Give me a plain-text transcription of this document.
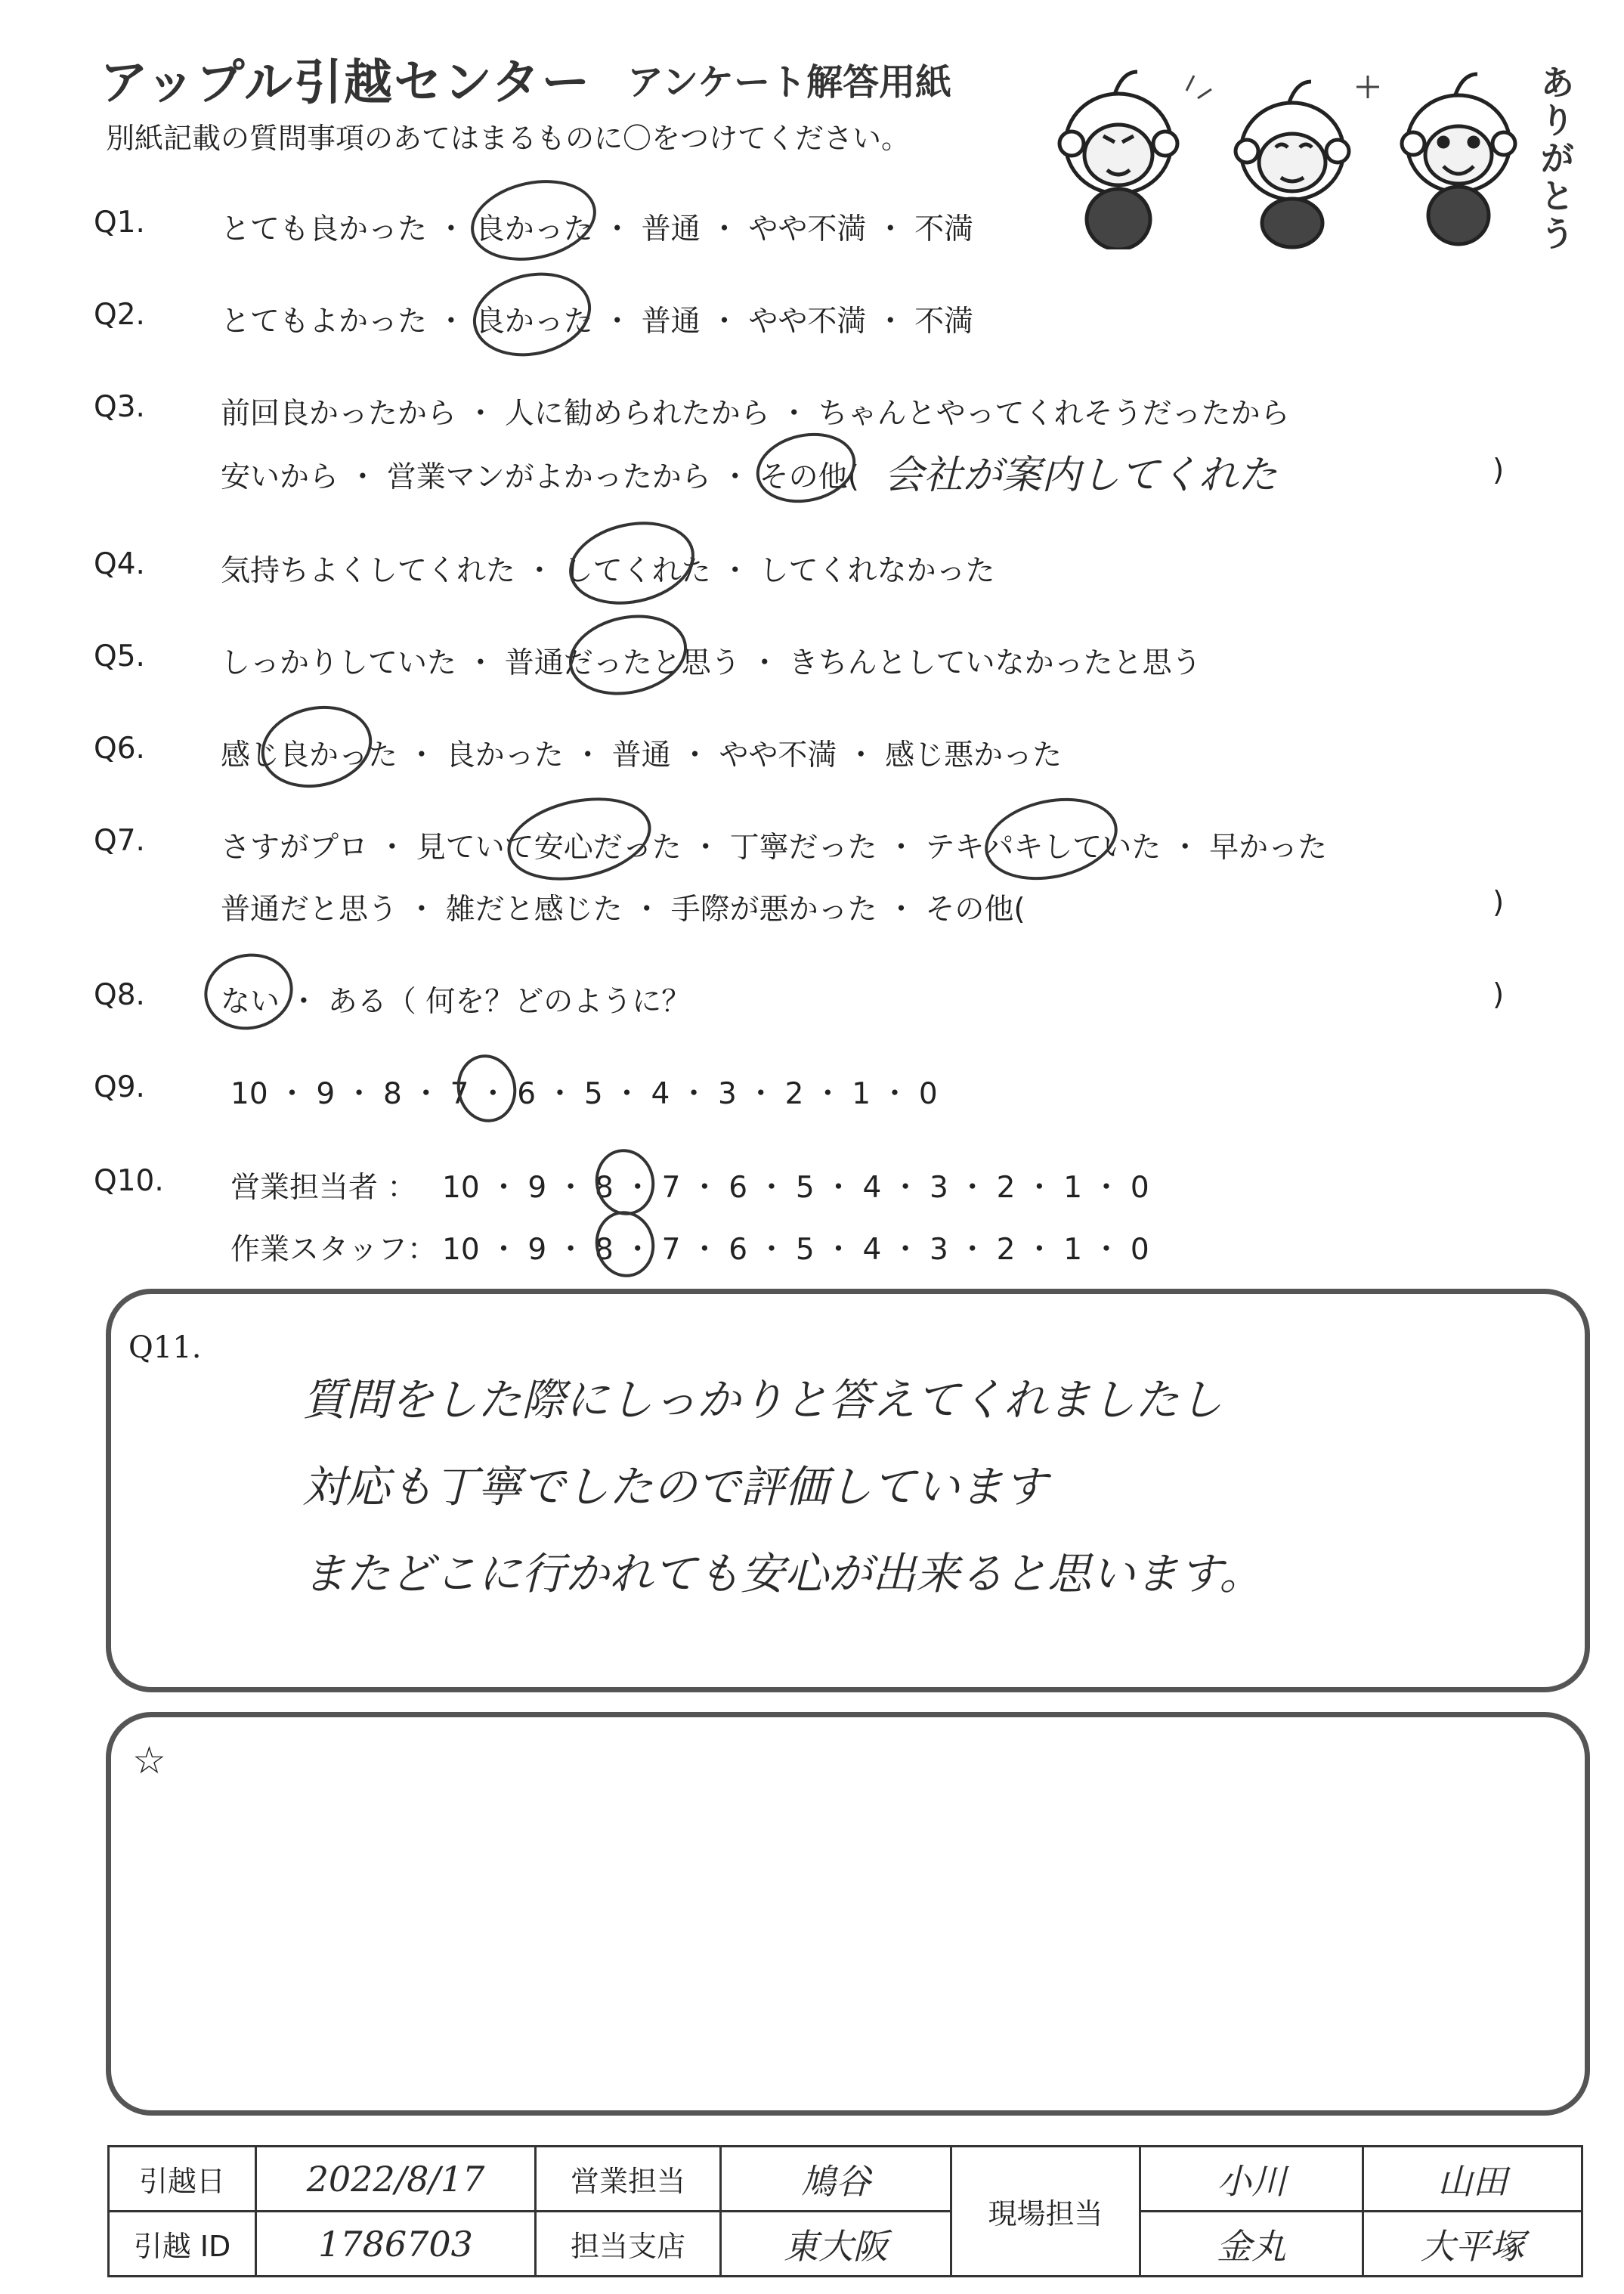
アップル引越センター アンケート解答用紙
別紙記載の質問事項のあてはまるものに〇をつけてください。	ありがとう
Q1.	とても良かった ・ 良かった ・ 普通 ・ やや不満 ・ 不満
Q2.	とてもよかった ・ 良かった ・ 普通 ・ やや不満 ・ 不満
Q3.	前回良かったから ・ 人に勧められたから ・ ちゃんとやってくれそうだったから
安いから ・ 営業マンがよかったから ・ その他( 会社が案内してくれた	)
Q4.	気持ちよくしてくれた ・ してくれた ・ してくれなかった
Q5.	しっかりしていた ・ 普通だったと思う ・ きちんとしていなかったと思う
Q6.	感じ良かった ・ 良かった ・ 普通 ・ やや不満 ・ 感じ悪かった
Q7.	さすがプロ ・ 見ていて安心だった ・ 丁寧だった ・ テキパキしていた ・ 早かった
普通だと思う ・ 雑だと感じた ・ 手際が悪かった ・ その他(	)
Q8.	ない ・ ある（ 何を？どのように？	)
Q9.	10 ・ 9 ・ 8 ・ 7 ・ 6 ・ 5 ・ 4 ・ 3 ・ 2 ・ 1 ・ 0
Q10. 営業担当者 ： 10 ・ 9 ・ 8 ・ 7 ・ 6 ・ 5 ・ 4 ・ 3 ・ 2 ・ 1 ・ 0
作業スタッフ： 10 ・ 9 ・ 8 ・ 7 ・ 6 ・ 5 ・ 4 ・ 3 ・ 2 ・ 1 ・ 0
Q11.
質問をした際にしっかりと答えてくれましたし
対応も丁寧でしたので評価しています
またどこに行かれても安心が出来ると思います。
☆
引越日	2022/8/17	営業担当	鳩谷	現場担当	小川	山田
引越 ID	1786703	担当支店	東大阪		金丸	大平塚
